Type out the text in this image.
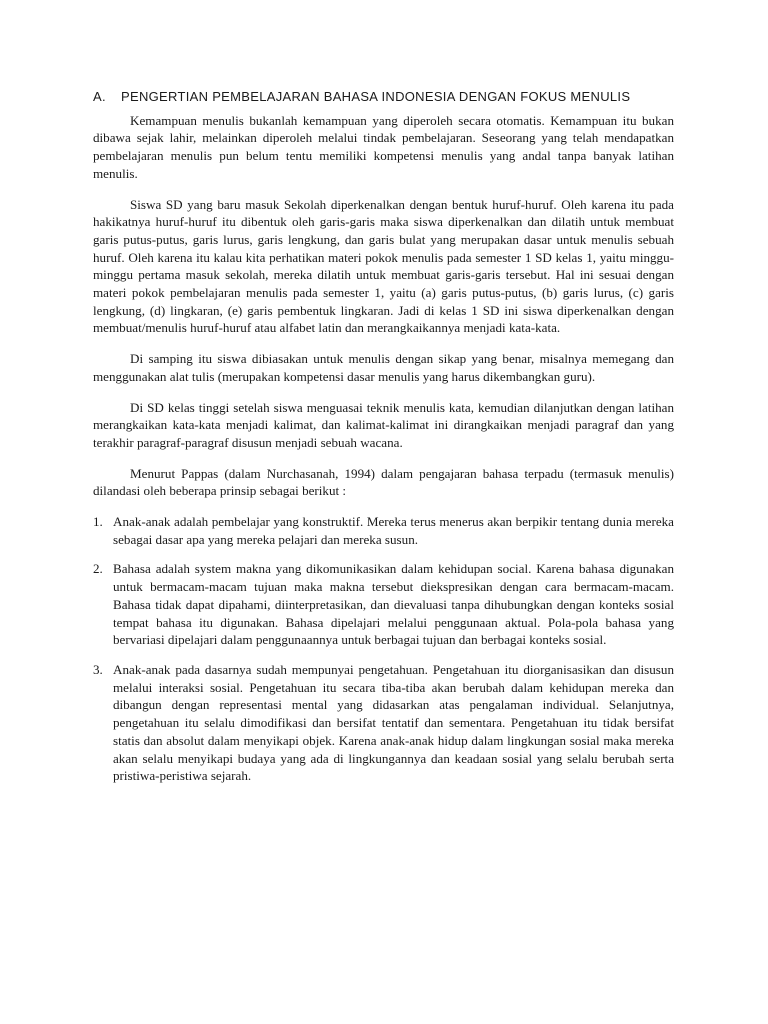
A.	PENGERTIAN PEMBELAJARAN BAHASA INDONESIA DENGAN FOKUS MENULIS

Kemampuan menulis bukanlah kemampuan yang diperoleh secara otomatis. Kemampuan itu bukan dibawa sejak lahir, melainkan diperoleh melalui tindak pembelajaran. Seseorang yang telah mendapatkan pembelajaran menulis pun belum tentu memiliki kompetensi menulis yang andal tanpa banyak latihan menulis.

Siswa SD yang baru masuk Sekolah diperkenalkan dengan bentuk huruf-huruf. Oleh karena itu pada hakikatnya huruf-huruf itu dibentuk oleh garis-garis maka siswa diperkenalkan dan dilatih untuk membuat garis putus-putus, garis lurus, garis lengkung, dan garis bulat yang merupakan dasar untuk menulis sebuah huruf. Oleh karena itu kalau kita perhatikan materi pokok menulis pada semester 1 SD kelas 1, yaitu minggu-minggu pertama masuk sekolah, mereka dilatih untuk membuat garis-garis tersebut. Hal ini sesuai dengan materi pokok pembelajaran menulis pada semester 1, yaitu (a) garis putus-putus, (b) garis lurus, (c) garis lengkung, (d) lingkaran, (e) garis pembentuk lingkaran. Jadi di kelas 1 SD ini siswa diperkenalkan dengan membuat/menulis huruf-huruf atau alfabet latin dan merangkaikannya menjadi kata-kata.

Di samping itu siswa dibiasakan untuk menulis dengan sikap yang benar, misalnya memegang dan menggunakan alat tulis (merupakan kompetensi dasar menulis yang harus dikembangkan guru).

Di SD kelas tinggi setelah siswa menguasai teknik menulis kata, kemudian dilanjutkan dengan latihan merangkaikan kata-kata menjadi kalimat, dan kalimat-kalimat ini dirangkaikan menjadi paragraf dan yang terakhir paragraf-paragraf disusun menjadi sebuah wacana.

Menurut Pappas (dalam Nurchasanah, 1994) dalam pengajaran bahasa terpadu (termasuk menulis) dilandasi oleh beberapa prinsip sebagai berikut :

1. Anak-anak adalah pembelajar yang konstruktif. Mereka terus menerus akan berpikir tentang dunia mereka sebagai dasar apa yang mereka pelajari dan mereka susun.
2. Bahasa adalah system makna yang dikomunikasikan dalam kehidupan social. Karena bahasa digunakan untuk bermacam-macam tujuan maka makna tersebut diekspresikan dengan cara bermacam-macam. Bahasa tidak dapat dipahami, diinterpretasikan, dan dievaluasi tanpa dihubungkan dengan konteks sosial tempat bahasa itu digunakan. Bahasa dipelajari melalui penggunaan aktual. Pola-pola bahasa yang bervariasi dipelajari dalam penggunaannya untuk berbagai tujuan dan berbagai konteks sosial.
3. Anak-anak pada dasarnya sudah mempunyai pengetahuan. Pengetahuan itu diorganisasikan dan disusun melalui interaksi sosial. Pengetahuan itu secara tiba-tiba akan berubah dalam kehidupan mereka dan dibangun dengan representasi mental yang didasarkan atas pengalaman individual. Selanjutnya, pengetahuan itu selalu dimodifikasi dan bersifat tentatif dan sementara. Pengetahuan itu tidak bersifat statis dan absolut dalam menyikapi objek. Karena anak-anak hidup dalam lingkungan sosial maka mereka akan selalu menyikapi budaya yang ada di lingkungannya dan keadaan sosial yang selalu berubah serta pristiwa-peristiwa sejarah.
